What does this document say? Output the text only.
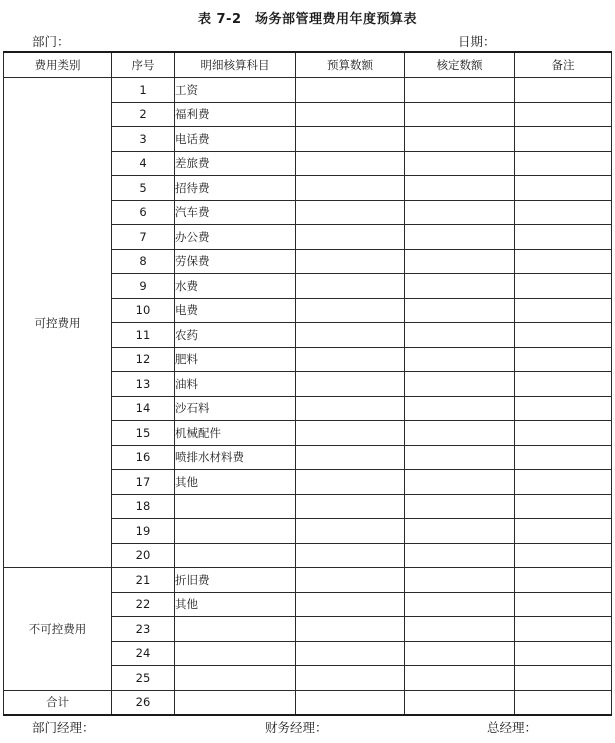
表 7-2　场务部管理费用年度预算表
部门：	日期：
费用类别	序号	明细核算科目	预算数额	核定数额	备注
可控费用	1	工资			
	2	福利费			
	3	电话费			
	4	差旅费			
	5	招待费			
	6	汽车费			
	7	办公费			
	8	劳保费			
	9	水费			
	10	电费			
	11	农药			
	12	肥料			
	13	油料			
	14	沙石料			
	15	机械配件			
	16	喷排水材料费			
	17	其他			
	18				
	19				
	20				
不可控费用	21	折旧费			
	22	其他			
	23				
	24				
	25				
合计	26				
部门经理：	财务经理：	总经理：
